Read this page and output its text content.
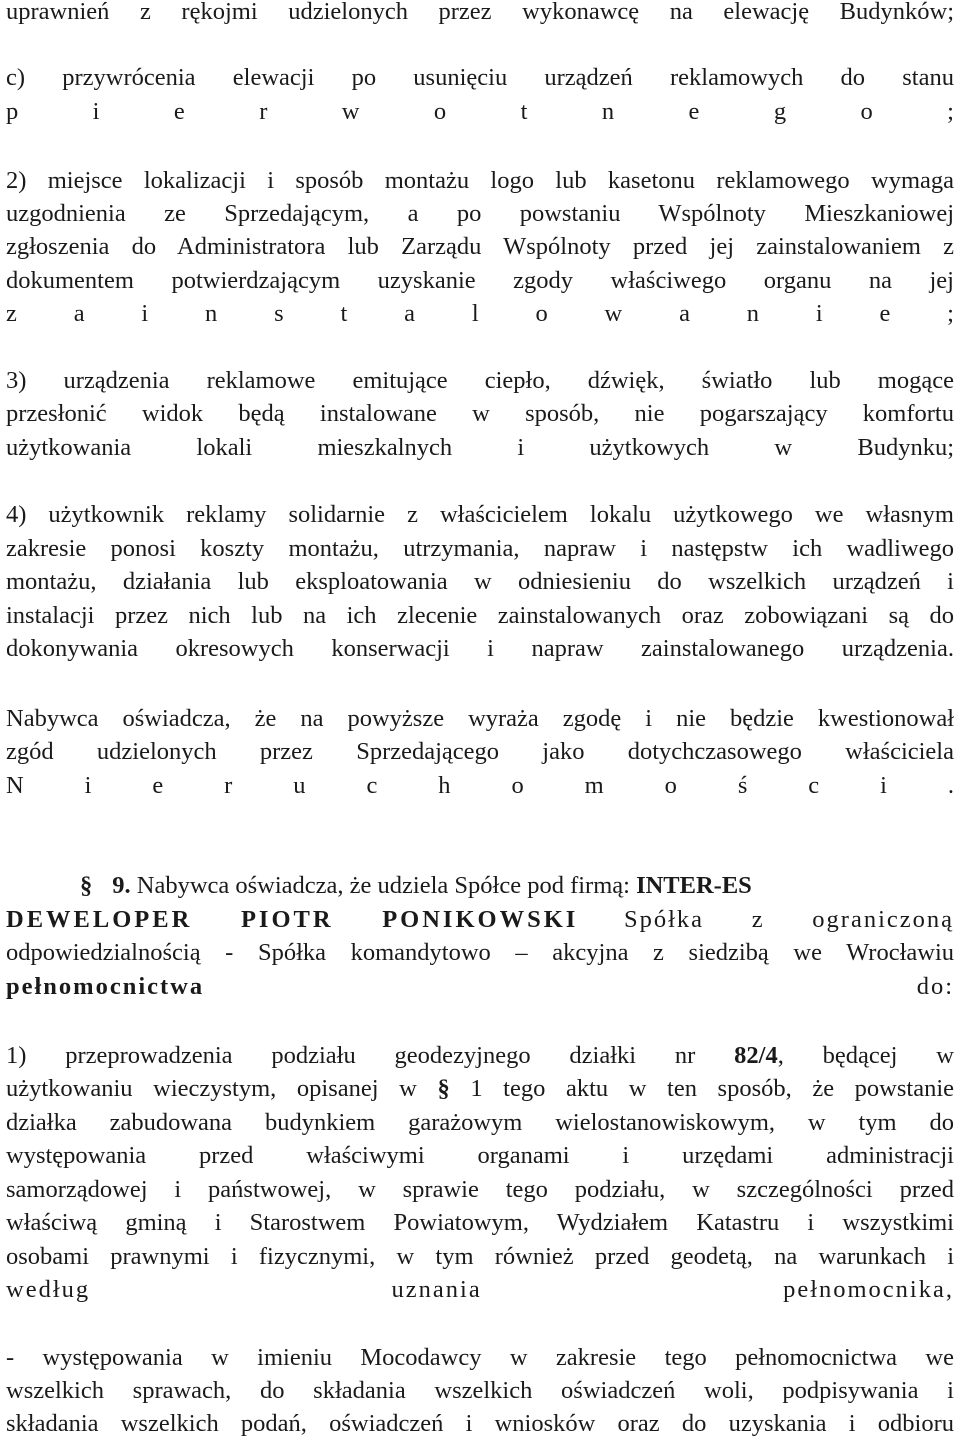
uprawnień z rękojmi udzielonych przez wykonawcę na elewację Budynków;
c) przywrócenia elewacji po usunięciu urządzeń reklamowych do stanu
p i e r w o t n e g o ;
2) miejsce lokalizacji i sposób montażu logo lub kasetonu reklamowego wymaga
uzgodnienia ze Sprzedającym, a po powstaniu Wspólnoty Mieszkaniowej
zgłoszenia do Administratora lub Zarządu Wspólnoty przed jej zainstalowaniem z
dokumentem potwierdzającym uzyskanie zgody właściwego organu na jej
z a i n s t a l o w a n i e ;
3) urządzenia reklamowe emitujące ciepło, dźwięk, światło lub mogące
przesłonić widok będą instalowane w sposób, nie pogarszający komfortu
użytkowania lokali mieszkalnych i użytkowych w Budynku;
4) użytkownik reklamy solidarnie z właścicielem lokalu użytkowego we własnym
zakresie ponosi koszty montażu, utrzymania, napraw i następstw ich wadliwego
montażu, działania lub eksploatowania w odniesieniu do wszelkich urządzeń i
instalacji przez nich lub na ich zlecenie zainstalowanych oraz zobowiązani są do
dokonywania okresowych konserwacji i napraw zainstalowanego urządzenia.
Nabywca oświadcza, że na powyższe wyraża zgodę i nie będzie kwestionował
zgód udzielonych przez Sprzedającego jako dotychczasowego właściciela
N i e r u c h o m o ś c i .
§ 9. Nabywca oświadcza, że udziela Spółce pod firmą: INTER-ES
DEWELOPER PIOTR PONIKOWSKI Spółka z ograniczoną
odpowiedzialnością - Spółka komandytowo – akcyjna z siedzibą we Wrocławiu
pełnomocnictwa	do:
1) przeprowadzenia podziału geodezyjnego działki nr 82/4, będącej w
użytkowaniu wieczystym, opisanej w § 1 tego aktu w ten sposób, że powstanie
działka zabudowana budynkiem garażowym wielostanowiskowym, w tym do
występowania przed właściwymi organami i urzędami administracji
samorządowej i państwowej, w sprawie tego podziału, w szczególności przed
właściwą gminą i Starostwem Powiatowym, Wydziałem Katastru i wszystkimi
osobami prawnymi i fizycznymi, w tym również przed geodetą, na warunkach i
według uznania pełnomocnika,
- występowania w imieniu Mocodawcy w zakresie tego pełnomocnictwa we
wszelkich sprawach, do składania wszelkich oświadczeń woli, podpisywania i
składania wszelkich podań, oświadczeń i wniosków oraz do uzyskania i odbioru
